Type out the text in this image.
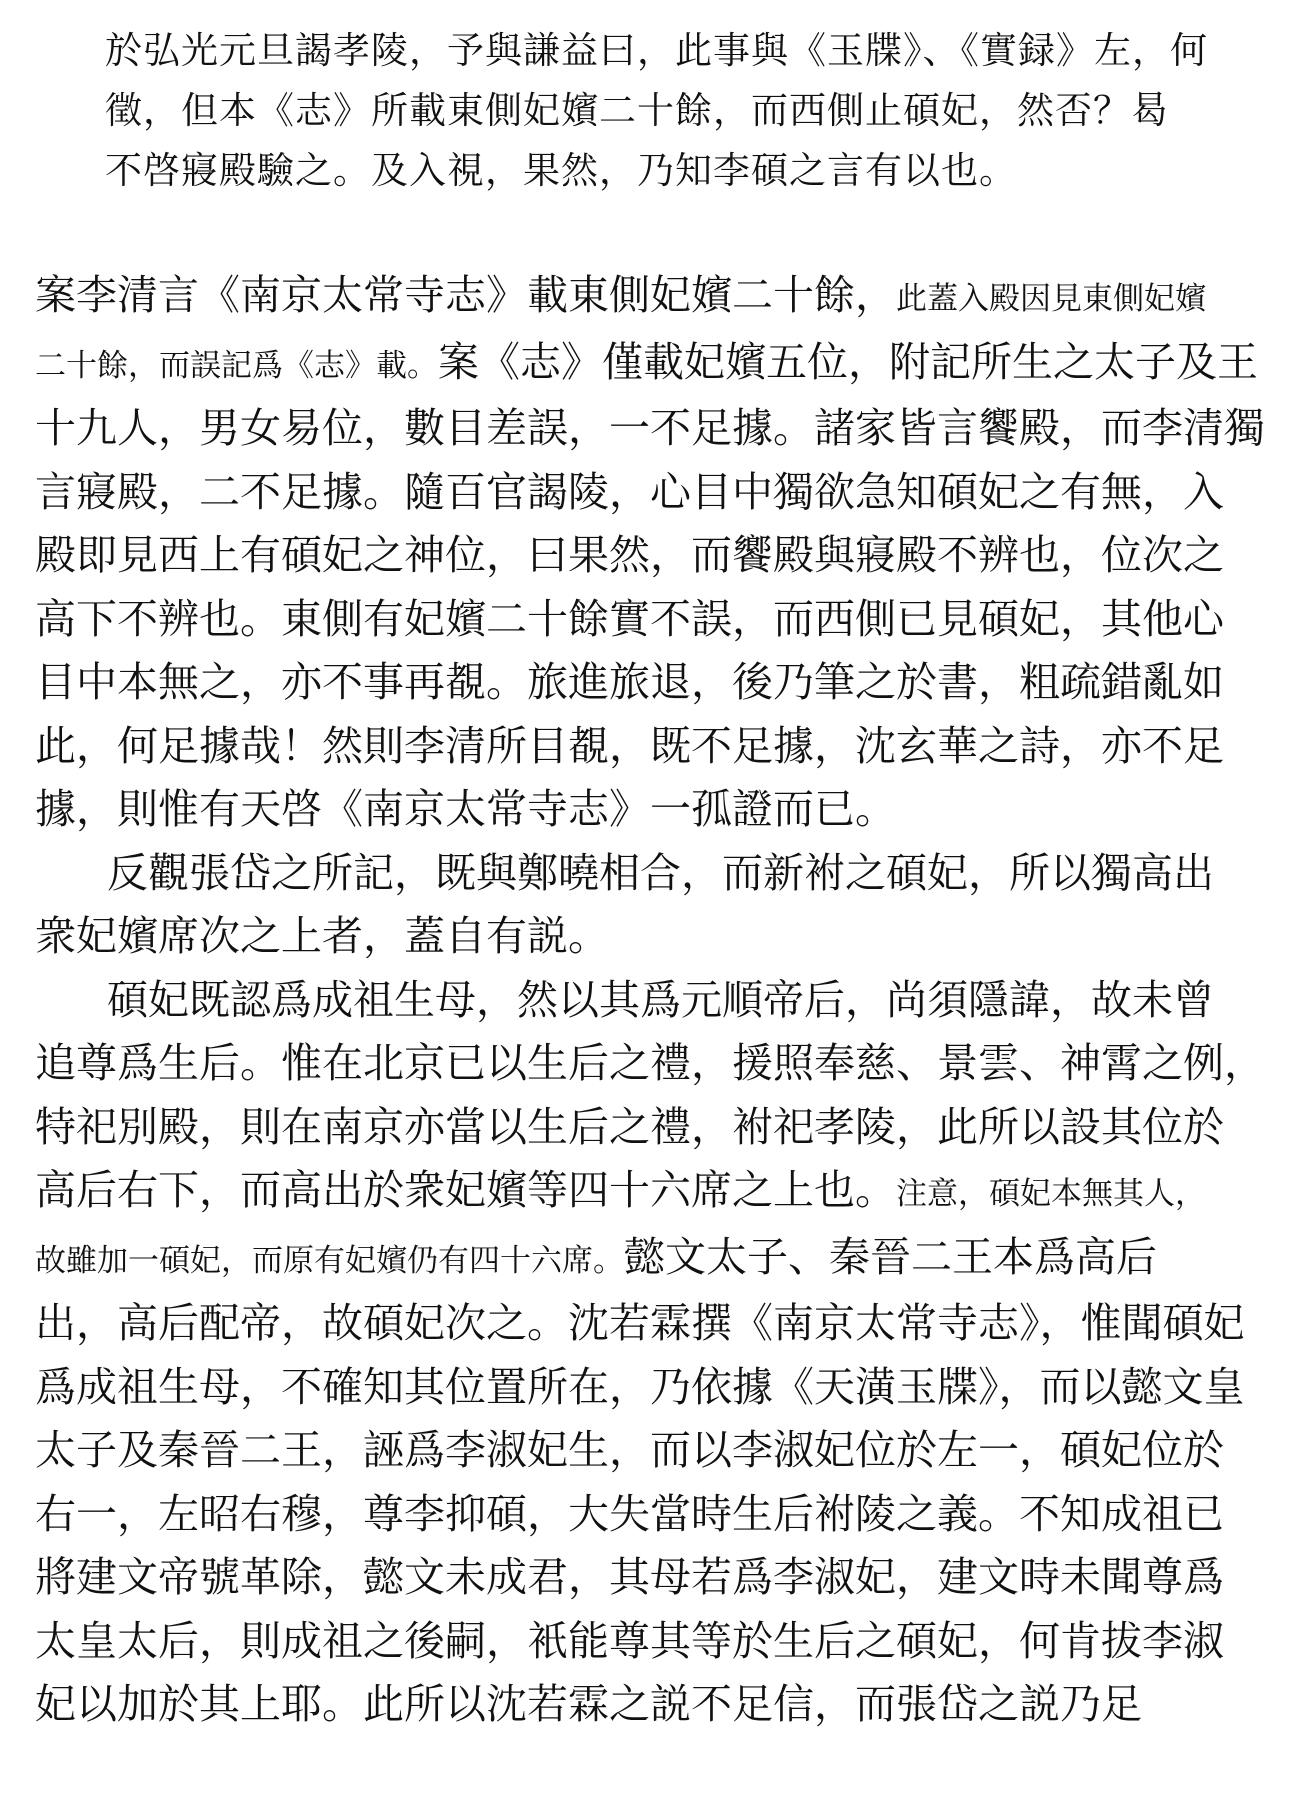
於弘光元旦謁孝陵，予與謙益曰，此事與《玉牒》、《實録》左，何
徵，但本《志》所載東側妃嬪二十餘，而西側止碩妃，然否？曷
不啓寢殿驗之。及入視，果然，乃知李碩之言有以也。
案李清言《南京太常寺志》載東側妃嬪二十餘，此蓋入殿因見東側妃嬪
二十餘，而誤記爲《志》載。案《志》僅載妃嬪五位，附記所生之太子及王
十九人，男女易位，數目差誤，一不足據。諸家皆言饗殿，而李清獨
言寢殿，二不足據。隨百官謁陵，心目中獨欲急知碩妃之有無，入
殿即見西上有碩妃之神位，曰果然，而饗殿與寢殿不辨也，位次之
高下不辨也。東側有妃嬪二十餘實不誤，而西側已見碩妃，其他心
目中本無之，亦不事再覩。旅進旅退，後乃筆之於書，粗疏錯亂如
此，何足據哉！然則李清所目覩，既不足據，沈玄華之詩，亦不足
據，則惟有天啓《南京太常寺志》一孤證而已。
反觀張岱之所記，既與鄭曉相合，而新袝之碩妃，所以獨高出
衆妃嬪席次之上者，蓋自有説。
碩妃既認爲成祖生母，然以其爲元順帝后，尚須隱諱，故未曾
追尊爲生后。惟在北京已以生后之禮，援照奉慈、景雲、神霄之例，
特祀別殿，則在南京亦當以生后之禮，袝祀孝陵，此所以設其位於
高后右下，而高出於衆妃嬪等四十六席之上也。注意，碩妃本無其人，
故雖加一碩妃，而原有妃嬪仍有四十六席。懿文太子、秦晉二王本爲高后
出，高后配帝，故碩妃次之。沈若霖撰《南京太常寺志》，惟聞碩妃
爲成祖生母，不確知其位置所在，乃依據《天潢玉牒》，而以懿文皇
太子及秦晉二王，誣爲李淑妃生，而以李淑妃位於左一，碩妃位於
右一，左昭右穆，尊李抑碩，大失當時生后袝陵之義。不知成祖已
將建文帝號革除，懿文未成君，其母若爲李淑妃，建文時未聞尊爲
太皇太后，則成祖之後嗣，衹能尊其等於生后之碩妃，何肯拔李淑
妃以加於其上耶。此所以沈若霖之説不足信，而張岱之説乃足
